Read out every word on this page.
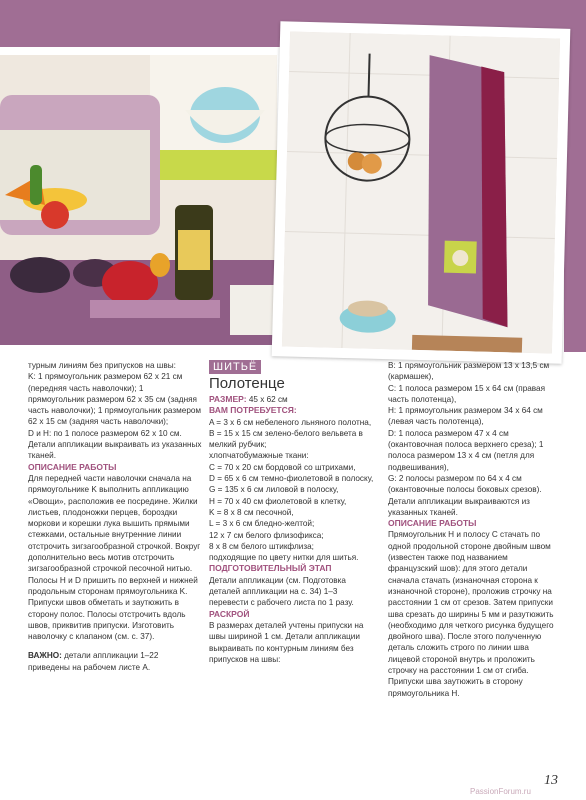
турным линиям без припусков на швы:

K: 1 прямоугольник размером 62 х 21 см (передняя часть наволочки); 1 прямоугольник размером 62 х 35 см (задняя часть наволочки); 1 прямоугольник размером 62 х 15 см (задняя часть наволочки);

D и H: по 1 полосе размером 62 х 10 см.

Детали аппликации выкраивать из указанных тканей.

ОПИСАНИЕ РАБОТЫ

Для передней части наволочки сначала на прямоугольнике K выполнить аппликацию «Овощи», расположив ее посредине. Жилки листьев, плодоножки перцев, бороздки моркови и корешки лука вышить прямыми стежками, остальные внутренние линии отстрочить зигзагообразной строчкой. Вокруг дополнительно весь мотив отстрочить зигзагообразной строчкой песочной нитью.

Полосы H и D пришить по верхней и нижней продольным сторонам прямоугольника K. Припуски швов обметать и заутюжить в сторону полос. Полосы отстрочить вдоль швов, приквитив припуски. Изготовить наволочку с клапаном (см. с. 37).

ВАЖНО: детали аппликации 1–22 приведены на рабочем листе A.

ШИТЬЁ
Полотенце

РАЗМЕР: 45 х 62 см

ВАМ ПОТРЕБУЕТСЯ:

A = 3 х 6 см небеленого льняного полотна,

B = 15 х 15 см зелено-белого вельвета в мелкий рубчик;

хлопчатобумажные ткани:

C = 70 х 20 см бордовой со штрихами,

D = 65 х 6 см темно-фиолетовой в полоску,

G = 135 х 6 см лиловой в полоску,

H = 70 х 40 см фиолетовой в клетку,

K = 8 х 8 см песочной,

L = 3 х 6 см бледно-желтой;

12 х 7 см белого флизофикса;

8 х 8 см белого штикфлиза;

подходящие по цвету нитки для шитья.

ПОДГОТОВИТЕЛЬНЫЙ ЭТАП

Детали аппликации (см. Подготовка деталей аппликации на с. 34) 1–3 перевести с рабочего листа по 1 разу.

РАСКРОЙ

В размерах деталей учтены припуски на швы шириной 1 см. Детали аппликации выкраивать по контурным линиям без припусков на швы:

B: 1 прямоугольник размером 13 х 13,5 см (кармашек),

C: 1 полоса размером 15 х 64 см (правая часть полотенца),

H: 1 прямоугольник размером 34 х 64 см (левая часть полотенца),

D: 1 полоса размером 47 х 4 см (окантовочная полоса верхнего среза); 1 полоса размером 13 х 4 см (петля для подвешивания),

G: 2 полосы размером по 64 х 4 см (окантовочные полосы боковых срезов).

Детали аппликации выкраиваются из указанных тканей.

ОПИСАНИЕ РАБОТЫ

Прямоугольник H и полосу C стачать по одной продольной стороне двойным швом (известен также под названием французский шов): для этого детали сначала стачать (изнаночная сторона к изнаночной стороне), проложив строчку на расстоянии 1 см от срезов. Затем припуски шва срезать до ширины 5 мм и разутюжить (необходимо для четкого рисунка будущего двойного шва). После этого полученную деталь сложить строго по линии шва лицевой стороной внутрь и проложить строчку на расстоянии 1 см от сгиба. Припуски шва заутюжить в сторону прямоугольника H.

13
PassionForum.ru
